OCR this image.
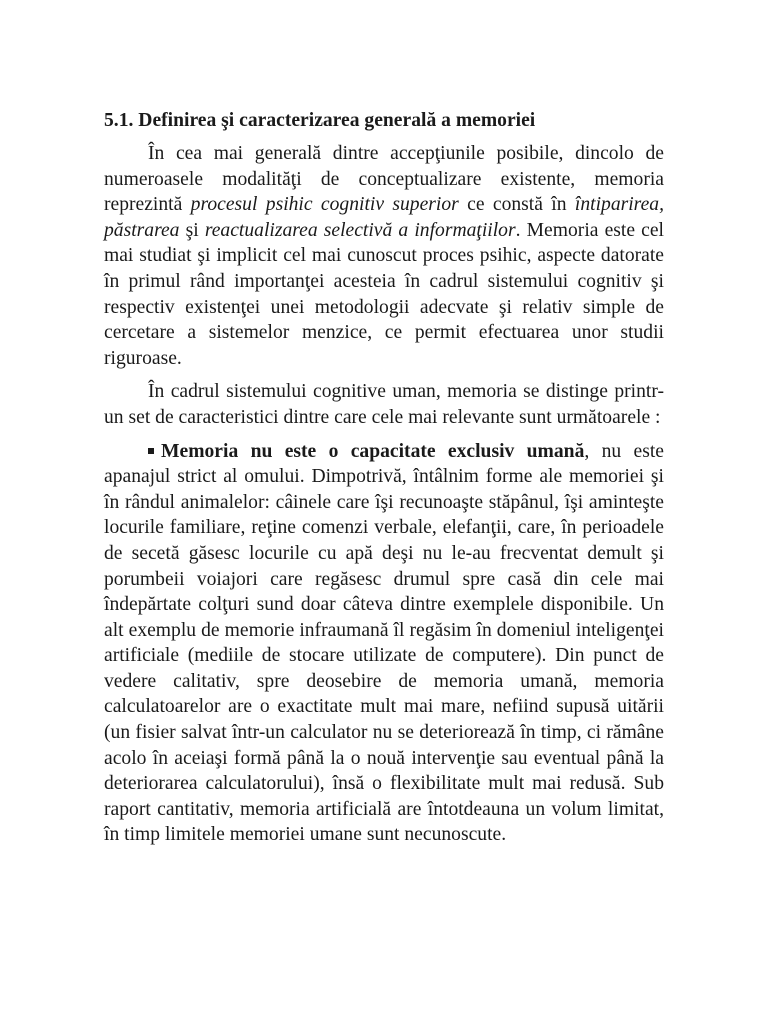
5.1. Definirea şi caracterizarea generală a memoriei

În cea mai generală dintre accepţiunile posibile, dincolo de numeroasele modalităţi de conceptualizare existente, memoria reprezintă procesul psihic cognitiv superior ce constă în întiparirea, păstrarea şi reactualizarea selectivă a informaţiilor. Memoria este cel mai studiat şi implicit cel mai cunoscut proces psihic, aspecte datorate în primul rând importanţei acesteia în cadrul sistemului cognitiv şi respectiv existenţei unei metodologii adecvate şi relativ simple de cercetare a sistemelor menzice, ce permit efectuarea unor studii riguroase.

În cadrul sistemului cognitive uman, memoria se distinge printr-un set de caracteristici dintre care cele mai relevante sunt următoarele :

Memoria nu este o capacitate exclusiv umană, nu este apanajul strict al omului. Dimpotrivă, întâlnim forme ale memoriei şi în rândul animalelor: câinele care îşi recunoaşte stăpânul, îşi aminteşte locurile familiare, reţine comenzi verbale, elefanţii, care, în perioadele de secetă găsesc locurile cu apă deşi nu le-au frecventat demult şi porumbeii voiajori care regăsesc drumul spre casă din cele mai îndepărtate colţuri sund doar câteva dintre exemplele disponibile. Un alt exemplu de memorie infraumană îl regăsim în domeniul inteligenţei artificiale (mediile de stocare utilizate de computere). Din punct de vedere calitativ, spre deosebire de memoria umană, memoria calculatoarelor are o exactitate mult mai mare, nefiind supusă uitării (un fisier salvat într-un calculator nu se deteriorează în timp, ci rămâne acolo în aceiaşi formă până la o nouă intervenţie sau eventual până la deteriorarea calculatorului), însă o flexibilitate mult mai redusă. Sub raport cantitativ, memoria artificială are întotdeauna un volum limitat, în timp limitele memoriei umane sunt necunoscute.
